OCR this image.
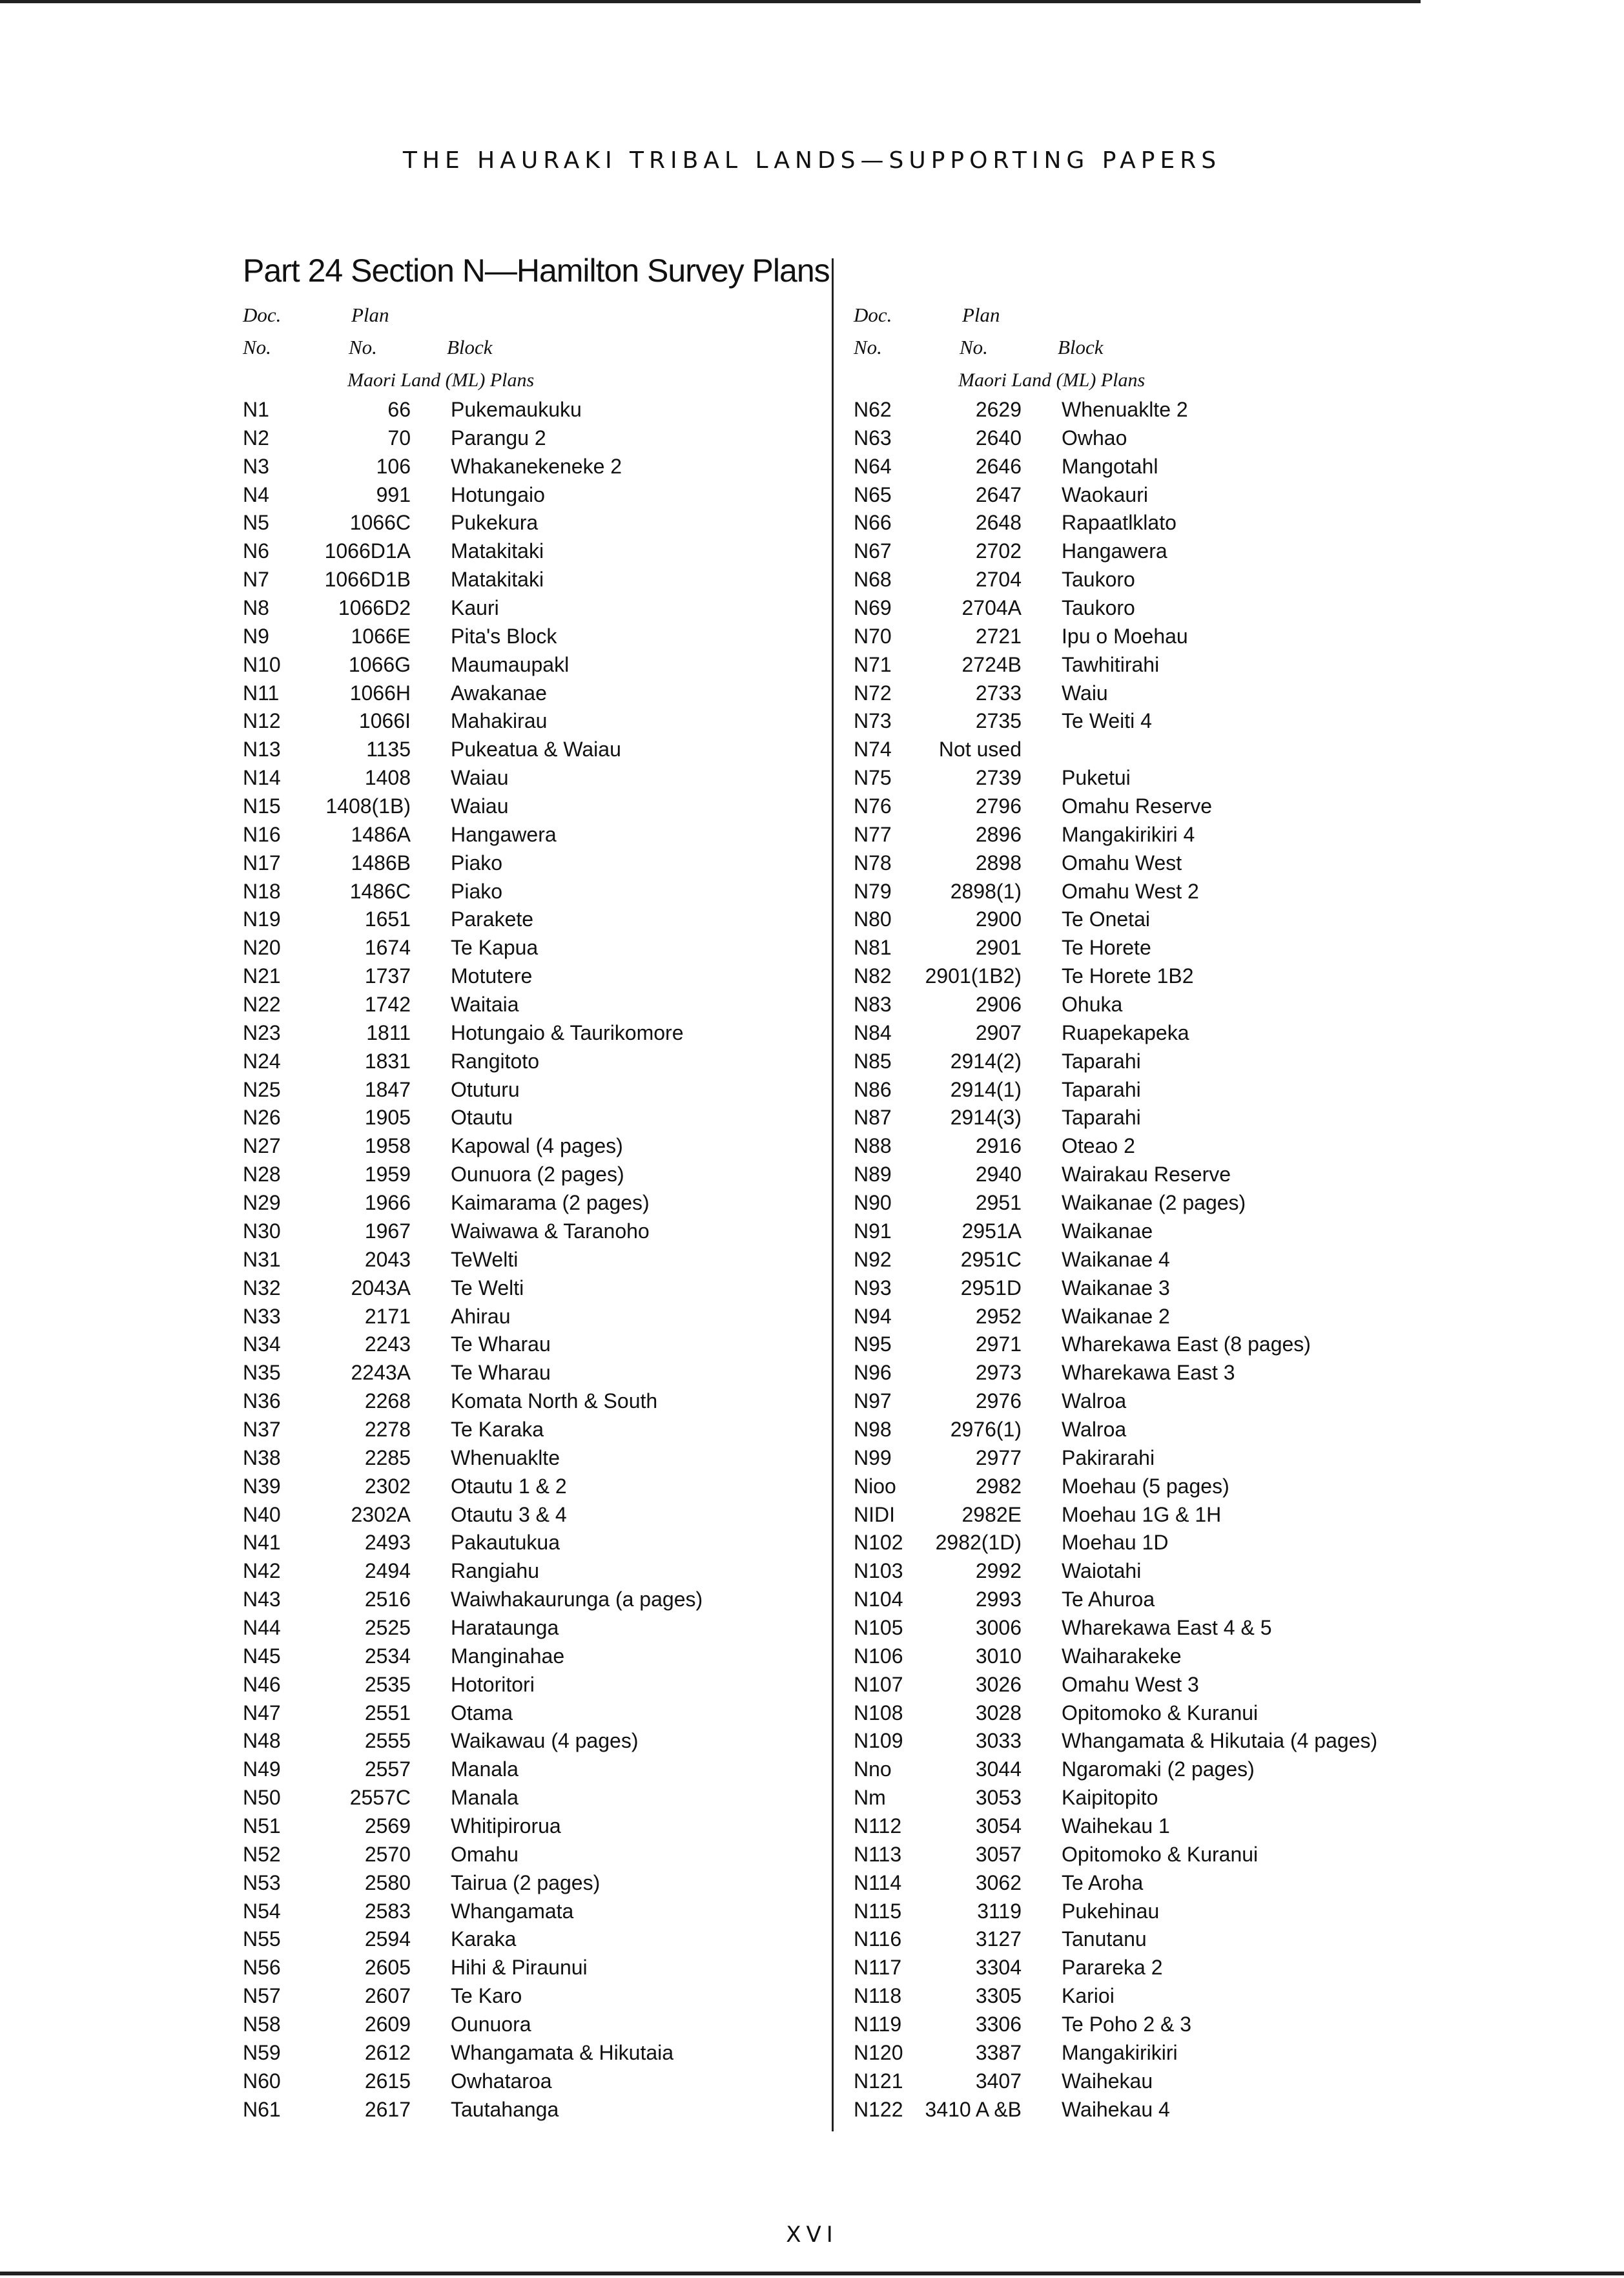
THE HAURAKI TRIBAL LANDS—SUPPORTING PAPERS
Part 24 Section N—Hamilton Survey Plans
Doc.	Plan
No.	No.	Block
Maori Land (ML) Plans
N1	66 Pukemaukuku
N2	70 Parangu 2
N3	106 Whakanekeneke 2
N4	991 Hotungaio
N5	1066C Pukekura
N6	1066D1A Matakitaki
N7	1066D1B Matakitaki
N8	1066D2 Kauri
N9	1066E Pita's Block
N10	1066G Maumaupakl
N11	1066H Awakanae
N12	1066I Mahakirau
N13	1135 Pukeatua & Waiau
N14	1408 Waiau
N15	1408(1B) Waiau
N16	1486A Hangawera
N17	1486B Piako
N18	1486C Piako
N19	1651 Parakete
N20	1674 Te Kapua
N21	1737 Motutere
N22	1742 Waitaia
N23	1811 Hotungaio & Taurikomore
N24	1831 Rangitoto
N25	1847 Otuturu
N26	1905 Otautu
N27	1958 Kapowal (4 pages)
N28	1959 Ounuora (2 pages)
N29	1966 Kaimarama (2 pages)
N30	1967 Waiwawa & Taranoho
N31	2043 TeWelti
N32	2043A Te Welti
N33	2171 Ahirau
N34	2243 Te Wharau
N35	2243A Te Wharau
N36	2268 Komata North & South
N37	2278 Te Karaka
N38	2285 Whenuaklte
N39	2302 Otautu 1 & 2
N40	2302A Otautu 3 & 4
N41	2493 Pakautukua
N42	2494 Rangiahu
N43	2516 Waiwhakaurunga (a pages)
N44	2525 Harataunga
N45	2534 Manginahae
N46	2535 Hotoritori
N47	2551 Otama
N48	2555 Waikawau (4 pages)
N49	2557 Manala
N50	2557C Manala
N51	2569 Whitipirorua
N52	2570 Omahu
N53	2580 Tairua (2 pages)
N54	2583 Whangamata
N55	2594 Karaka
N56	2605 Hihi & Piraunui
N57	2607 Te Karo
N58	2609 Ounuora
N59	2612 Whangamata & Hikutaia
N60	2615 Owhataroa
N61	2617 Tautahanga
Doc.	Plan
No.	No.	Block
Maori Land (ML) Plans
N62	2629 Whenuaklte 2
N63	2640 Owhao
N64	2646 Mangotahl
N65	2647 Waokauri
N66	2648 Rapaatlklato
N67	2702 Hangawera
N68	2704 Taukoro
N69	2704A Taukoro
N70	2721 Ipu o Moehau
N71	2724B Tawhitirahi
N72	2733 Waiu
N73	2735 Te Weiti 4
N74	Not used
N75	2739 Puketui
N76	2796 Omahu Reserve
N77	2896 Mangakirikiri 4
N78	2898 Omahu West
N79	2898(1) Omahu West 2
N80	2900 Te Onetai
N81	2901 Te Horete
N82	2901(1B2) Te Horete 1B2
N83	2906 Ohuka
N84	2907 Ruapekapeka
N85	2914(2) Taparahi
N86	2914(1) Taparahi
N87	2914(3) Taparahi
N88	2916 Oteao 2
N89	2940 Wairakau Reserve
N90	2951 Waikanae (2 pages)
N91	2951A Waikanae
N92	2951C Waikanae 4
N93	2951D Waikanae 3
N94	2952 Waikanae 2
N95	2971 Wharekawa East (8 pages)
N96	2973 Wharekawa East 3
N97	2976 Walroa
N98	2976(1) Walroa
N99	2977 Pakirarahi
Nioo	2982 Moehau (5 pages)
NIDI	2982E Moehau 1G & 1H
N102	2982(1D) Moehau 1D
N103	2992 Waiotahi
N104	2993 Te Ahuroa
N105	3006 Wharekawa East 4 & 5
N106	3010 Waiharakeke
N107	3026 Omahu West 3
N108	3028 Opitomoko & Kuranui
N109	3033 Whangamata & Hikutaia (4 pages)
Nno	3044 Ngaromaki (2 pages)
Nm	3053 Kaipitopito
N112	3054 Waihekau 1
N113	3057 Opitomoko & Kuranui
N114	3062 Te Aroha
N115	3119 Pukehinau
N116	3127 Tanutanu
N117	3304 Parareka 2
N118	3305 Karioi
N119	3306 Te Poho 2 & 3
N120	3387 Mangakirikiri
N121	3407 Waihekau
N122	3410 A &B Waihekau 4
XVI
